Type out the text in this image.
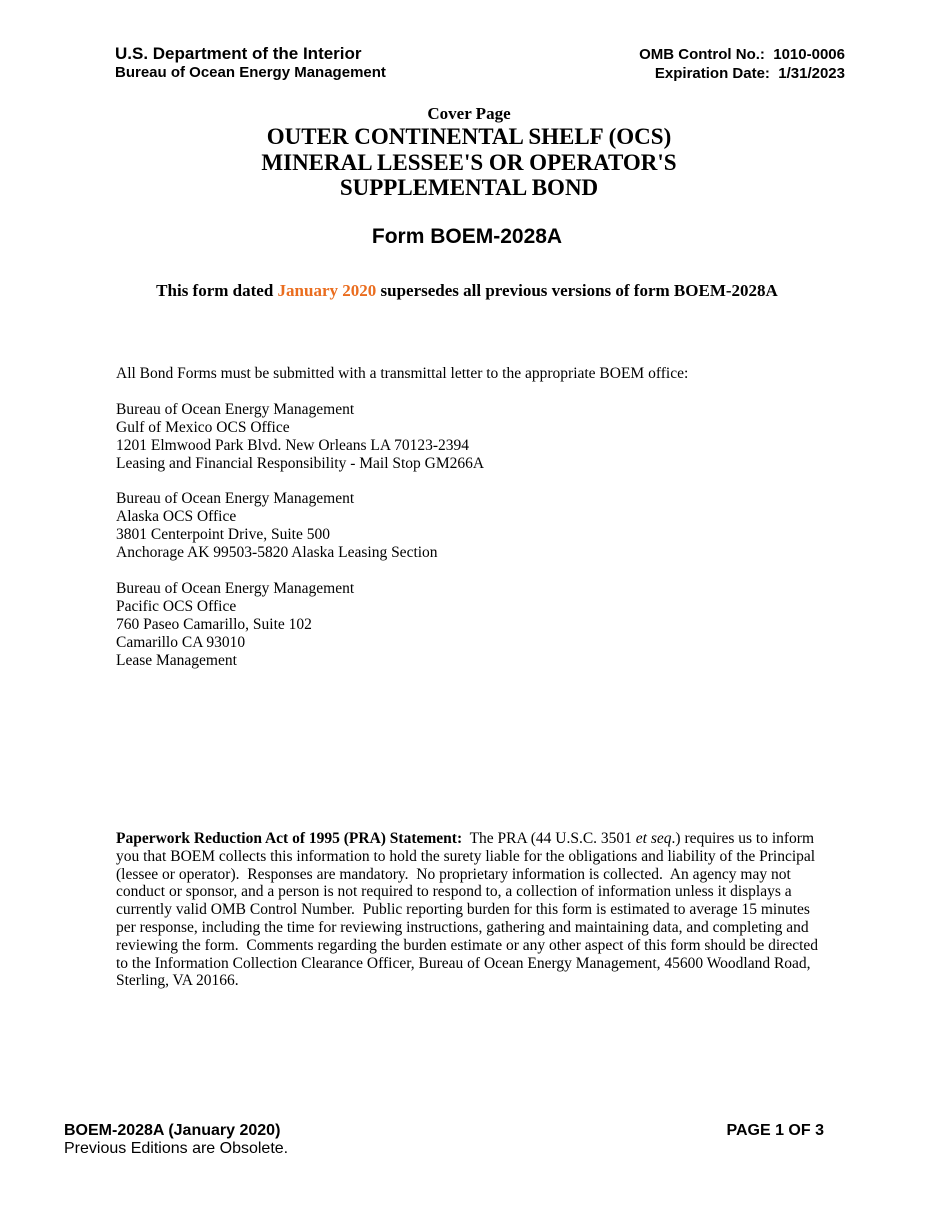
U.S. Department of the Interior
Bureau of Ocean Energy Management
OMB Control No.:  1010-0006
Expiration Date:  1/31/2023
Cover Page
OUTER CONTINENTAL SHELF (OCS)
MINERAL LESSEE'S OR OPERATOR'S
SUPPLEMENTAL BOND
Form BOEM-2028A
This form dated January 2020 supersedes all previous versions of form BOEM-2028A
All Bond Forms must be submitted with a transmittal letter to the appropriate BOEM office:
Bureau of Ocean Energy Management
Gulf of Mexico OCS Office
1201 Elmwood Park Blvd. New Orleans LA 70123-2394
Leasing and Financial Responsibility - Mail Stop GM266A
Bureau of Ocean Energy Management
Alaska OCS Office
3801 Centerpoint Drive, Suite 500
Anchorage AK 99503-5820 Alaska Leasing Section
Bureau of Ocean Energy Management
Pacific OCS Office
760 Paseo Camarillo, Suite 102
Camarillo CA 93010
Lease Management
Paperwork Reduction Act of 1995 (PRA) Statement:  The PRA (44 U.S.C. 3501 et seq.) requires us to inform you that BOEM collects this information to hold the surety liable for the obligations and liability of the Principal (lessee or operator).  Responses are mandatory.  No proprietary information is collected.  An agency may not conduct or sponsor, and a person is not required to respond to, a collection of information unless it displays a currently valid OMB Control Number.  Public reporting burden for this form is estimated to average 15 minutes per response, including the time for reviewing instructions, gathering and maintaining data, and completing and reviewing the form.  Comments regarding the burden estimate or any other aspect of this form should be directed to the Information Collection Clearance Officer, Bureau of Ocean Energy Management, 45600 Woodland Road, Sterling, VA 20166.
BOEM-2028A (January 2020)
Previous Editions are Obsolete.
PAGE 1 OF 3
